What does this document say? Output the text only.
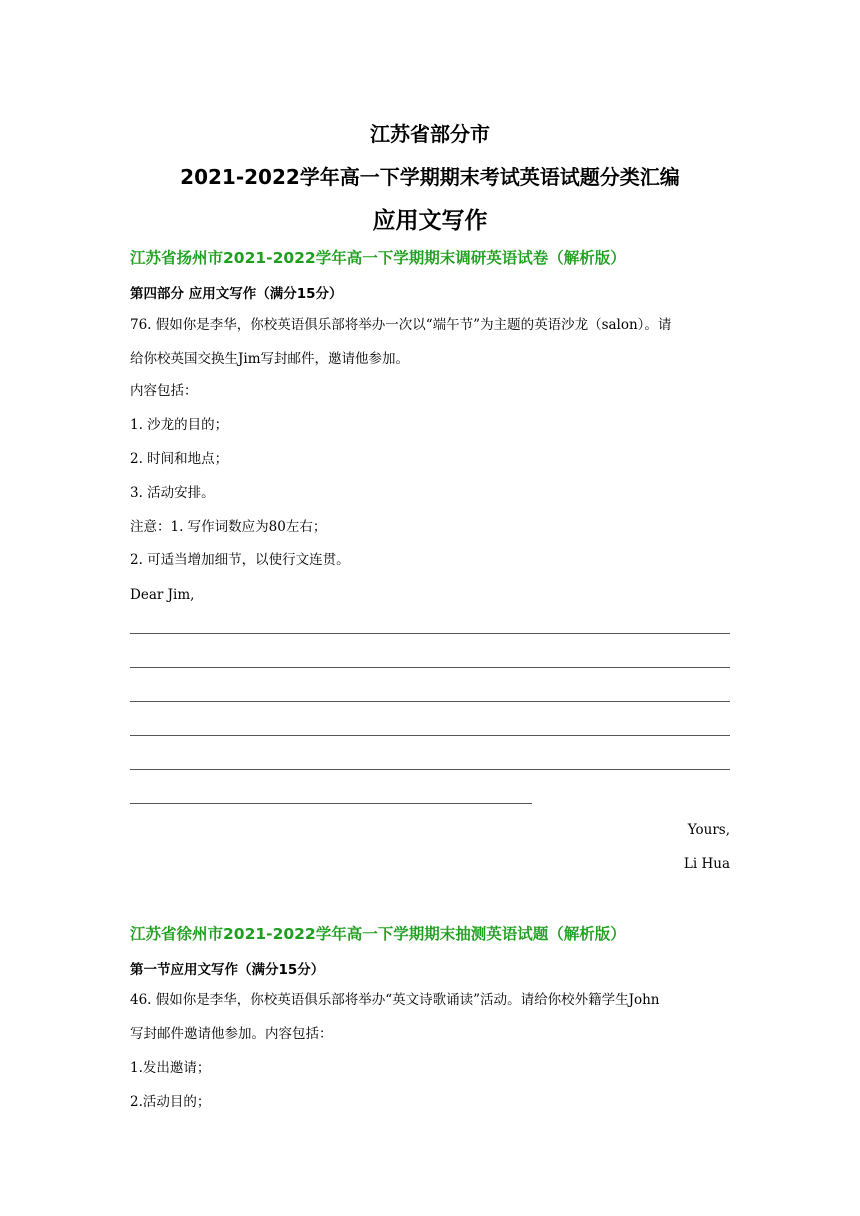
江苏省部分市
2021-2022学年高一下学期期末考试英语试题分类汇编
应用文写作
江苏省扬州市2021-2022学年高一下学期期末调研英语试卷（解析版）
第四部分 应用文写作（满分15分）
76. 假如你是李华，你校英语俱乐部将举办一次以“端午节”为主题的英语沙龙（salon）。请
给你校英国交换生Jim写封邮件，邀请他参加。
内容包括：
1. 沙龙的目的；
2. 时间和地点；
3. 活动安排。
注意：1. 写作词数应为80左右；
2. 可适当增加细节，以使行文连贯。
Dear Jim,
Yours,
Li Hua
江苏省徐州市2021-2022学年高一下学期期末抽测英语试题（解析版）
第一节应用文写作（满分15分）
46. 假如你是李华，你校英语俱乐部将举办“英文诗歌诵读”活动。请给你校外籍学生John
写封邮件邀请他参加。内容包括：
1.发出邀请；
2.活动目的；
